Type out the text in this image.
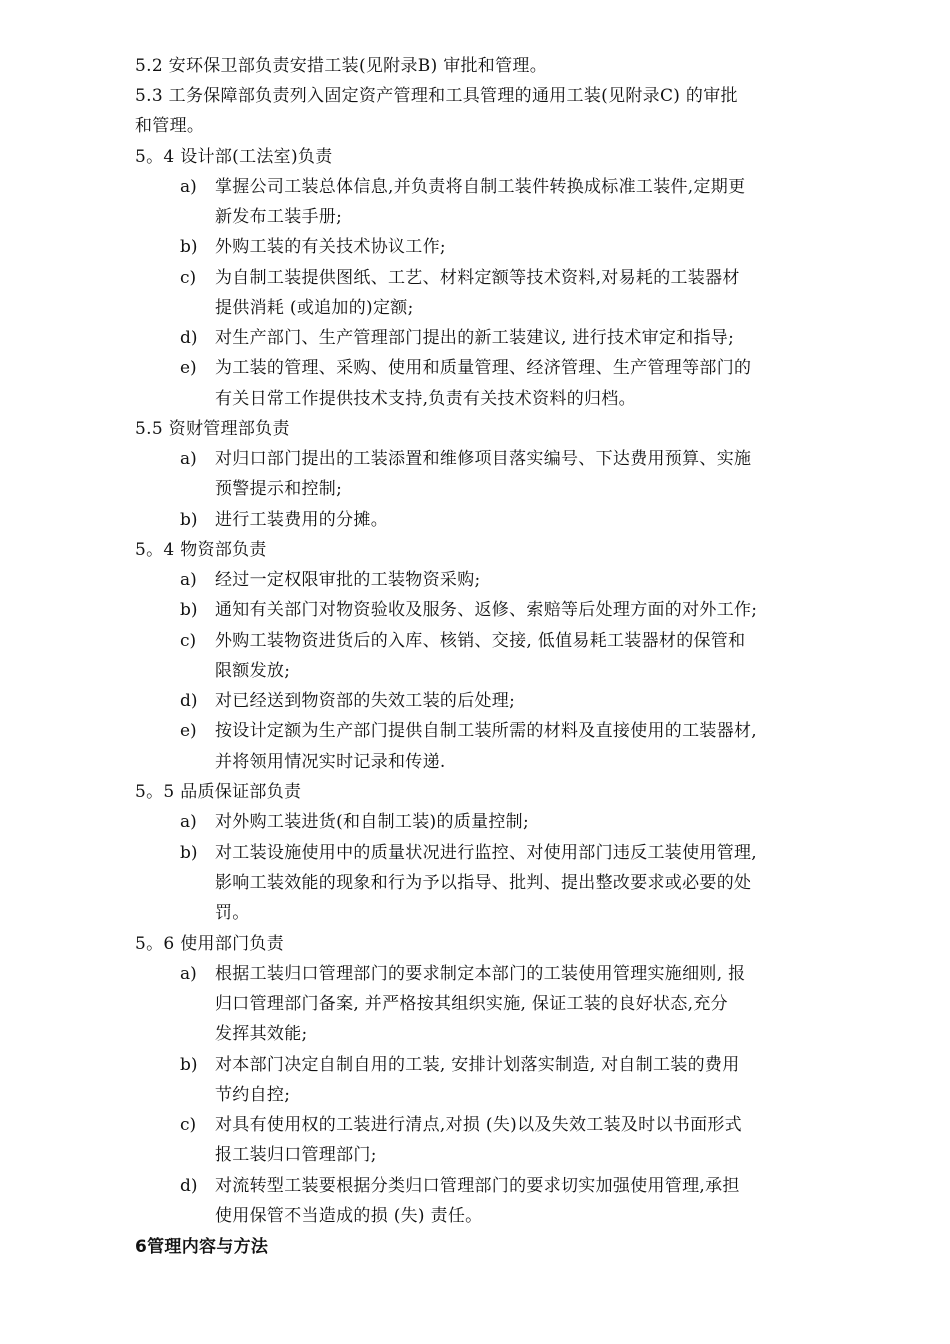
5.2 安环保卫部负责安措工装(见附录B) 审批和管理。
5.3 工务保障部负责列入固定资产管理和工具管理的通用工装(见附录C) 的审批
和管理。
5。4 设计部(工法室)负责
a) 掌握公司工装总体信息,并负责将自制工装件转换成标准工装件,定期更
新发布工装手册;
b) 外购工装的有关技术协议工作;
c) 为自制工装提供图纸、工艺、材料定额等技术资料,对易耗的工装器材
提供消耗 (或追加的)定额;
d) 对生产部门、生产管理部门提出的新工装建议, 进行技术审定和指导;
e) 为工装的管理、采购、使用和质量管理、经济管理、生产管理等部门的
有关日常工作提供技术支持,负责有关技术资料的归档。
5.5 资财管理部负责
a) 对归口部门提出的工装添置和维修项目落实编号、下达费用预算、实施
预警提示和控制;
b) 进行工装费用的分摊。
5。4 物资部负责
a) 经过一定权限审批的工装物资采购;
b) 通知有关部门对物资验收及服务、返修、索赔等后处理方面的对外工作;
c) 外购工装物资进货后的入库、核销、交接, 低值易耗工装器材的保管和
限额发放;
d) 对已经送到物资部的失效工装的后处理;
e) 按设计定额为生产部门提供自制工装所需的材料及直接使用的工装器材,
并将领用情况实时记录和传递.
5。5 品质保证部负责
a) 对外购工装进货(和自制工装)的质量控制;
b) 对工装设施使用中的质量状况进行监控、对使用部门违反工装使用管理,
影响工装效能的现象和行为予以指导、批判、提出整改要求或必要的处
罚。
5。6 使用部门负责
a) 根据工装归口管理部门的要求制定本部门的工装使用管理实施细则, 报
归口管理部门备案, 并严格按其组织实施, 保证工装的良好状态,充分
发挥其效能;
b) 对本部门决定自制自用的工装, 安排计划落实制造, 对自制工装的费用
节约自控;
c) 对具有使用权的工装进行清点,对损 (失)以及失效工装及时以书面形式
报工装归口管理部门;
d) 对流转型工装要根据分类归口管理部门的要求切实加强使用管理,承担
使用保管不当造成的损 (失) 责任。
6管理内容与方法
